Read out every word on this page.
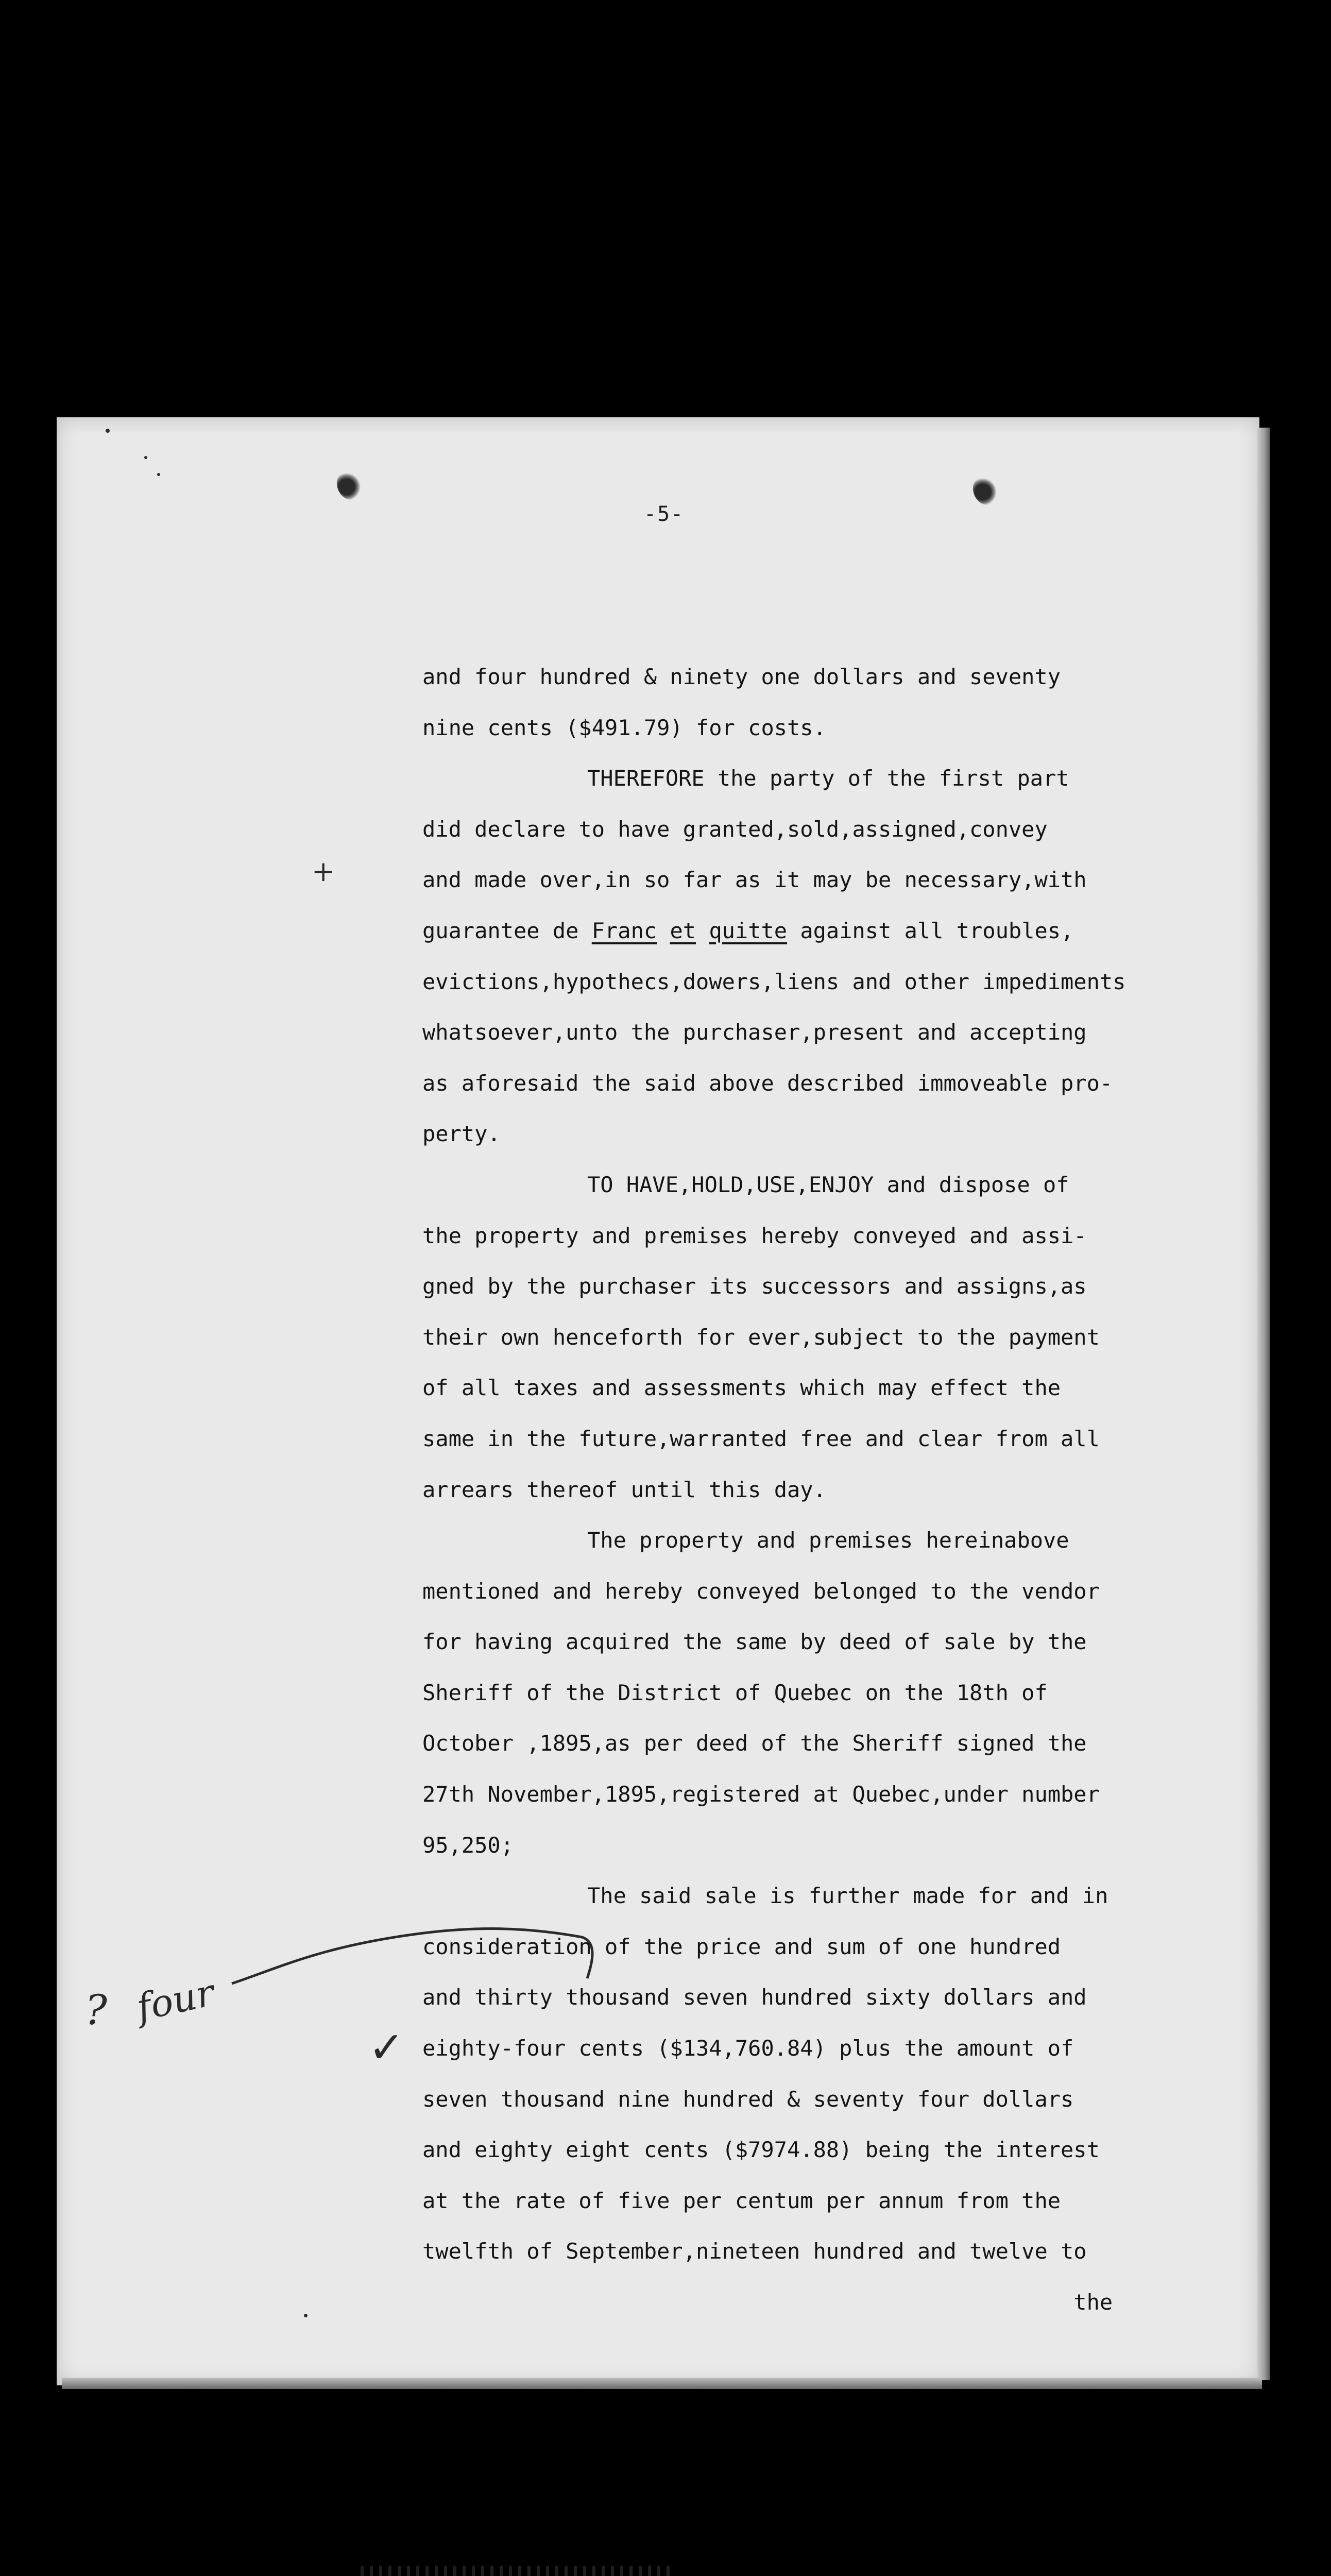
-5-
and four hundred & ninety one dollars and seventy
nine cents ($491.79) for costs.
THEREFORE the party of the first part
did declare to have granted,sold,assigned,convey
and made over,in so far as it may be necessary,with
guarantee de Franc et quitte against all troubles,
evictions,hypothecs,dowers,liens and other impediments
whatsoever,unto the purchaser,present and accepting
as aforesaid the said above described immoveable pro-
perty.
TO HAVE,HOLD,USE,ENJOY and dispose of
the property and premises hereby conveyed and assi-
gned by the purchaser its successors and assigns,as
their own henceforth for ever,subject to the payment
of all taxes and assessments which may effect the
same in the future,warranted free and clear from all
arrears thereof until this day.
The property and premises hereinabove
mentioned and hereby conveyed belonged to the vendor
for having acquired the same by deed of sale by the
Sheriff of the District of Quebec on the 18th of
October ,1895,as per deed of the Sheriff signed the
27th November,1895,registered at Quebec,under number
95,250;
The said sale is further made for and in
consideration of the price and sum of one hundred
and thirty thousand seven hundred sixty dollars and
eighty-four cents ($134,760.84) plus the amount of
seven thousand nine hundred & seventy four dollars
and eighty eight cents ($7974.88) being the interest
at the rate of five per centum per annum from the
twelfth of September,nineteen hundred and twelve to
the
+
? four
✓
